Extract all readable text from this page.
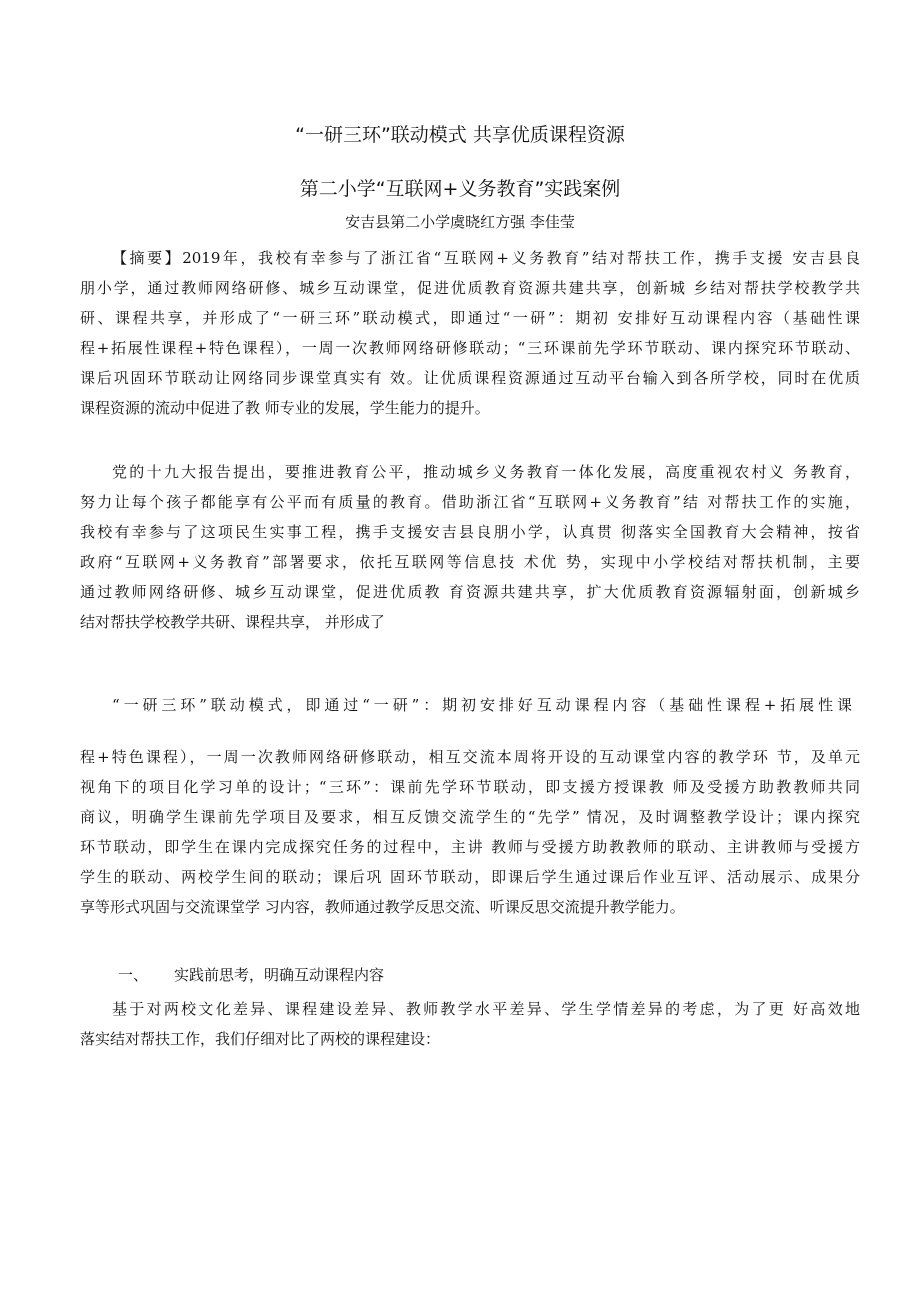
“一研三环”联动模式 共享优质课程资源
第二小学“互联网+义务教育”实践案例
安吉县第二小学虞晓红方强 李佳莹
【摘要】2019年，我校有幸参与了浙江省“互联网+义务教育”结对帮扶工作，携手支援 安吉县良
朋小学，通过教师网络研修、城乡互动课堂，促进优质教育资源共建共享，创新城 乡结对帮扶学校教学共
研、课程共享，并形成了“一研三环”联动模式，即通过“一研”：期初 安排好互动课程内容（基础性课
程+拓展性课程+特色课程），一周一次教师网络研修联动；“三环课前先学环节联动、课内探究环节联动、
课后巩固环节联动让网络同步课堂真实有 效。让优质课程资源通过互动平台输入到各所学校，同时在优质
课程资源的流动中促进了教 师专业的发展，学生能力的提升。
党的十九大报告提出，要推进教育公平，推动城乡义务教育一体化发展，高度重视农村义 务教育，
努力让每个孩子都能享有公平而有质量的教育。借助浙江省“互联网+义务教育”结 对帮扶工作的实施，
我校有幸参与了这项民生实事工程，携手支援安吉县良朋小学，认真贯 彻落实全国教育大会精神，按省
政府“互联网+义务教育”部署要求，依托互联网等信息技 术优 势，实现中小学校结对帮扶机制，主要
通过教师网络研修、城乡互动课堂，促进优质教 育资源共建共享，扩大优质教育资源辐射面，创新城乡
结对帮扶学校教学共研、课程共享， 并形成了
“一研三环”联动模式，即通过“一研”：期初安排好互动课程内容（基础性课程+拓展性课
程+特色课程），一周一次教师网络研修联动，相互交流本周将开设的互动课堂内容的教学环 节，及单元
视角下的项目化学习单的设计；“三环”：课前先学环节联动，即支援方授课教 师及受援方助教教师共同
商议，明确学生课前先学项目及要求，相互反馈交流学生的“先学” 情况，及时调整教学设计；课内探究
环节联动，即学生在课内完成探究任务的过程中，主讲 教师与受援方助教教师的联动、主讲教师与受援方
学生的联动、两校学生间的联动；课后巩 固环节联动，即课后学生通过课后作业互评、活动展示、成果分
享等形式巩固与交流课堂学 习内容，教师通过教学反思交流、听课反思交流提升教学能力。
一、 实践前思考，明确互动课程内容
基于对两校文化差异、课程建设差异、教师教学水平差异、学生学情差异的考虑，为了更 好高效地
落实结对帮扶工作，我们仔细对比了两校的课程建设：
